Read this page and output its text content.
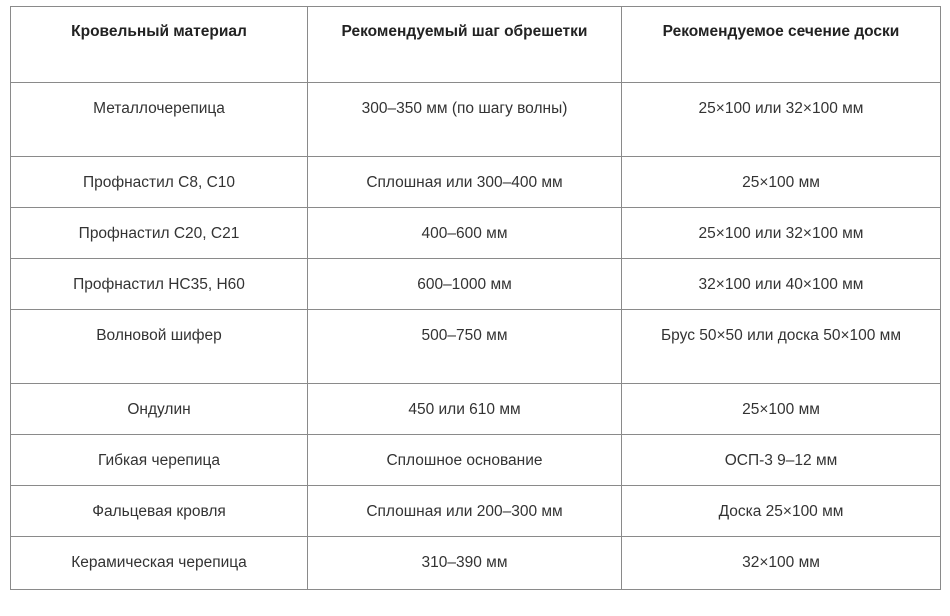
Кровельный материал	Рекомендуемый шаг обрешетки	Рекомендуемое сечение доски
Металлочерепица	300–350 мм (по шагу волны)	25×100 или 32×100 мм
Профнастил С8, С10	Сплошная или 300–400 мм	25×100 мм
Профнастил С20, С21	400–600 мм	25×100 или 32×100 мм
Профнастил НС35, Н60	600–1000 мм	32×100 или 40×100 мм
Волновой шифер	500–750 мм	Брус 50×50 или доска 50×100 мм
Ондулин	450 или 610 мм	25×100 мм
Гибкая черепица	Сплошное основание	ОСП-3 9–12 мм
Фальцевая кровля	Сплошная или 200–300 мм	Доска 25×100 мм
Керамическая черепица	310–390 мм	32×100 мм
